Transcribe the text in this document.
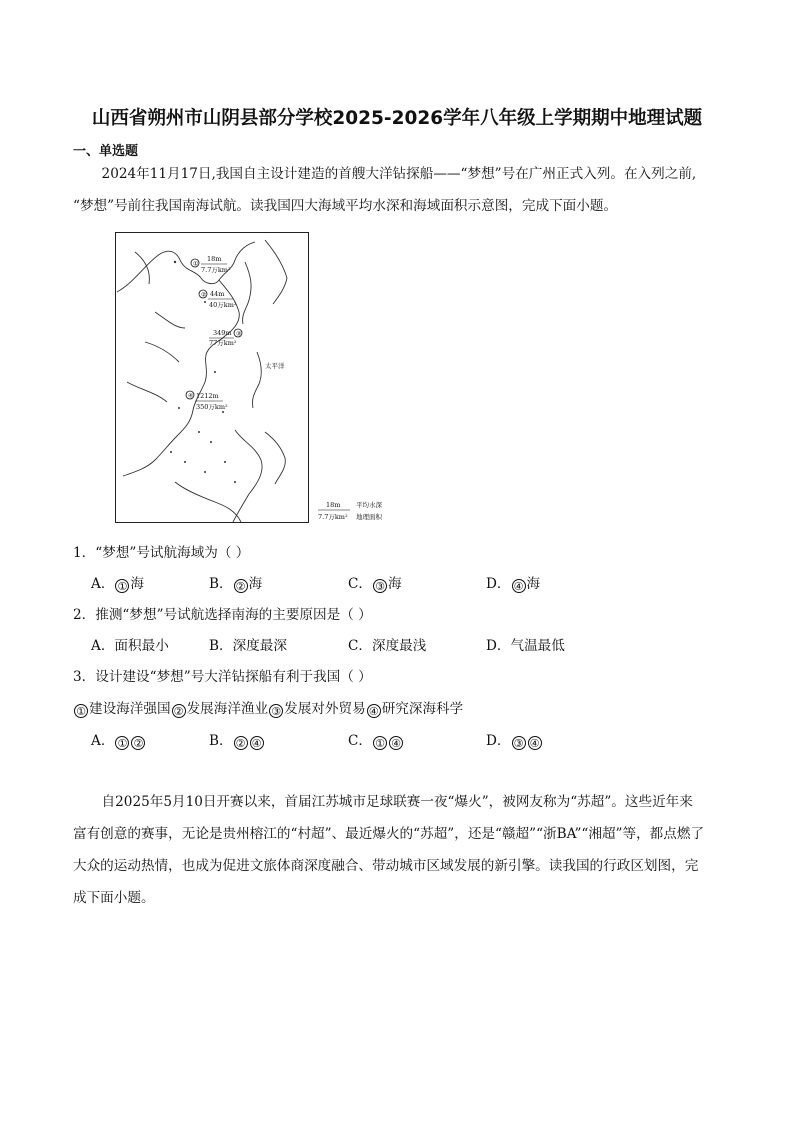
山西省朔州市山阴县部分学校2025-2026学年八年级上学期期中地理试题
一、单选题

2024年11月17日,我国自主设计建造的首艘大洋钻探船——“梦想”号在广州正式入列。在入列之前,

“梦想”号前往我国南海试航。读我国四大海域平均水深和海域面积示意图，完成下面小题。

①
18m
7.7万km²
② 44m
40万km²
③
349m
77万km²
太平洋
④ 1212m
350万km²
18m
7.7万km²
平均水深
地理面积
1．“梦想”号试航海域为（ ）
A． ① 海	B． ② 海	C． ③ 海	D． ④ 海
2．推测“梦想”号试航选择南海的主要原因是（ ）
A．面积最小	B．深度最深	C．深度最浅	D．气温最低
3．设计建设“梦想”号大洋钻探船有利于我国（ ）
① 建设海洋强国 ② 发展海洋渔业 ③ 发展对外贸易 ④ 研究深海科学
A． ① ②	B． ② ④	C． ① ④	D． ③ ④

自2025年5月10日开赛以来，首届江苏城市足球联赛一夜“爆火”，被网友称为“苏超”。这些近年来

富有创意的赛事，无论是贵州榕江的“村超”、最近爆火的“苏超”，还是“赣超”“浙BA”“湘超”等，都点燃了

大众的运动热情，也成为促进文旅体商深度融合、带动城市区域发展的新引擎。读我国的行政区划图，完

成下面小题。
